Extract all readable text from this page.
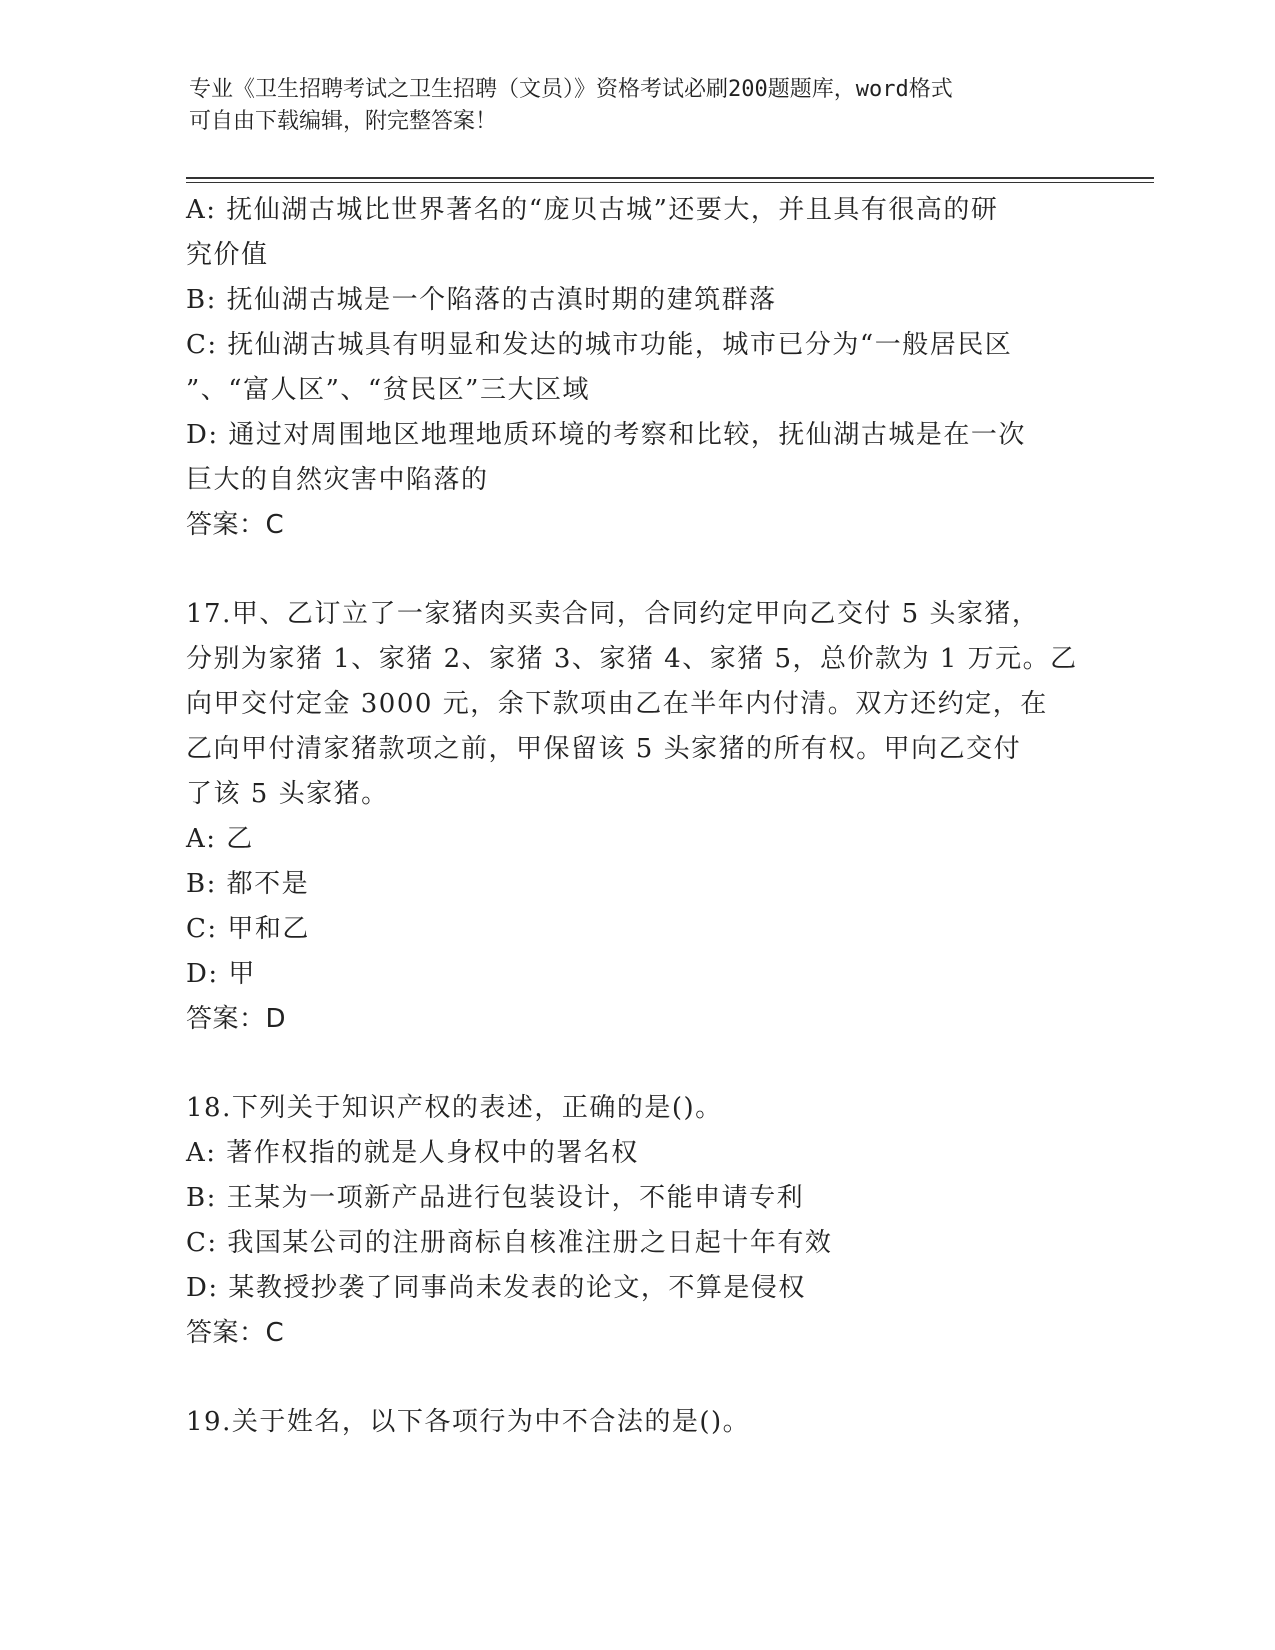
专业《卫生招聘考试之卫生招聘（文员）》资格考试必刷200题题库，word格式
可自由下载编辑，附完整答案！
A: 抚仙湖古城比世界著名的“庞贝古城”还要大，并且具有很高的研
究价值
B: 抚仙湖古城是一个陷落的古滇时期的建筑群落
C: 抚仙湖古城具有明显和发达的城市功能，城市已分为“一般居民区
”、“富人区”、“贫民区”三大区域
D: 通过对周围地区地理地质环境的考察和比较，抚仙湖古城是在一次
巨大的自然灾害中陷落的
答案：C
17.甲、乙订立了一家猪肉买卖合同，合同约定甲向乙交付 5 头家猪，
分别为家猪 1、家猪 2、家猪 3、家猪 4、家猪 5，总价款为 1 万元。乙
向甲交付定金 3000 元，余下款项由乙在半年内付清。双方还约定，在
乙向甲付清家猪款项之前，甲保留该 5 头家猪的所有权。甲向乙交付
了该 5 头家猪。
A: 乙
B: 都不是
C: 甲和乙
D: 甲
答案：D
18.下列关于知识产权的表述，正确的是()。
A: 著作权指的就是人身权中的署名权
B: 王某为一项新产品进行包装设计，不能申请专利
C: 我国某公司的注册商标自核准注册之日起十年有效
D: 某教授抄袭了同事尚未发表的论文，不算是侵权
答案：C
19.关于姓名，以下各项行为中不合法的是()。
